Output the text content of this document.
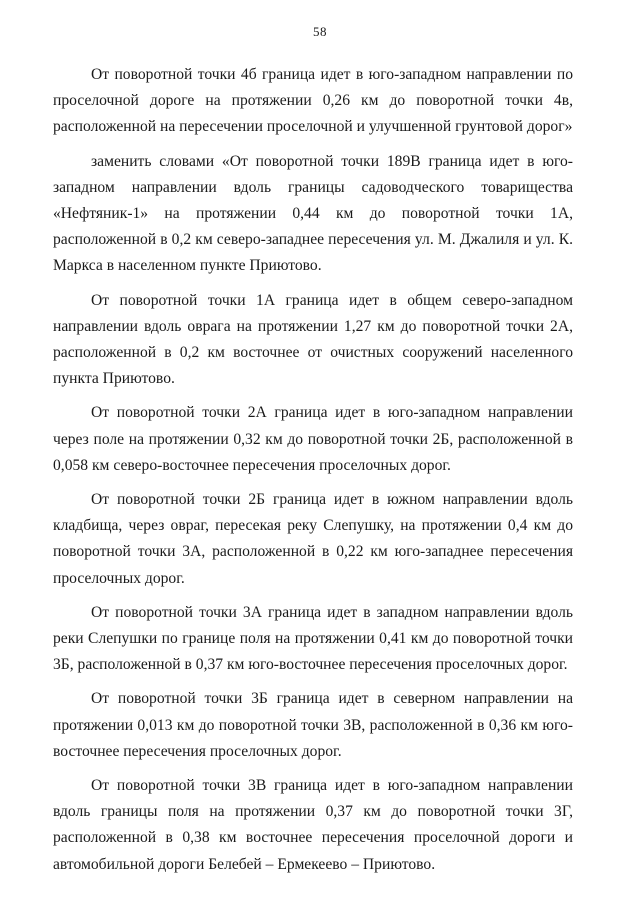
58

От поворотной точки 4б граница идет в юго-западном направлении по проселочной дороге на протяжении 0,26 км до поворотной точки 4в, расположенной на пересечении проселочной и улучшенной грунтовой дорог»

заменить словами «От поворотной точки 189В граница идет в юго-западном направлении вдоль границы садоводческого товарищества «Нефтяник-1» на протяжении 0,44 км до поворотной точки 1А, расположенной в 0,2 км северо-западнее пересечения ул. М. Джалиля и ул. К. Маркса в населенном пункте Приютово.

От поворотной точки 1А граница идет в общем северо-западном направлении вдоль оврага на протяжении 1,27 км до поворотной точки 2А, расположенной в 0,2 км восточнее от очистных сооружений населенного пункта Приютово.

От поворотной точки 2А граница идет в юго-западном направлении через поле на протяжении 0,32 км до поворотной точки 2Б, расположенной в 0,058 км северо-восточнее пересечения проселочных дорог.

От поворотной точки 2Б граница идет в южном направлении вдоль кладбища, через овраг, пересекая реку Слепушку, на протяжении 0,4 км до поворотной точки 3А, расположенной в 0,22 км юго-западнее пересечения проселочных дорог.

От поворотной точки 3А граница идет в западном направлении вдоль реки Слепушки по границе поля на протяжении 0,41 км до поворотной точки 3Б, расположенной в 0,37 км юго-восточнее пересечения проселочных дорог.

От поворотной точки 3Б граница идет в северном направлении на протяжении 0,013 км до поворотной точки 3В, расположенной в 0,36 км юго-восточнее пересечения проселочных дорог.

От поворотной точки 3В граница идет в юго-западном направлении вдоль границы поля на протяжении 0,37 км до поворотной точки 3Г, расположенной в 0,38 км восточнее пересечения проселочной дороги и автомобильной дороги Белебей – Ермекеево – Приютово.
